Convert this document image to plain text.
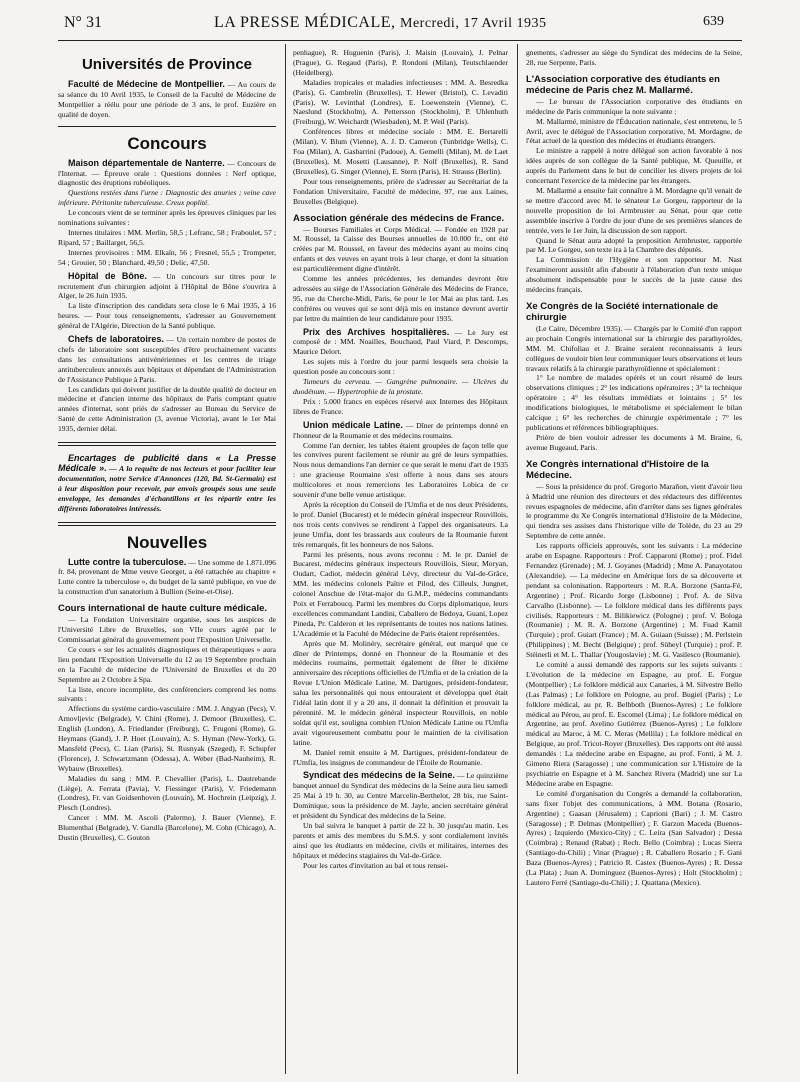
N° 31	LA PRESSE MÉDICALE, Mercredi, 17 Avril 1935	639
Universités de Province

Faculté de Médecine de Montpellier. — Au cours de sa séance du 10 Avril 1935, le Conseil de la Faculté de Médecine de Montpellier a réélu pour une période de 3 ans, le prof. Euzière en qualité de doyen.

Concours

Maison départementale de Nanterre. — Concours de l'Internat. — Épreuve orale : Questions données : Nerf optique, diagnostic des éruptions rubéoliques.

Questions restées dans l'urne : Diagnostic des anuries ; veine cave inférieure. Péritonite tuberculeuse. Creux poplité.

Le concours vient de se terminer après les épreuves cliniques par les nominations suivantes :

Internes titulaires : MM. Merlin, 58,5 ; Lefranc, 58 ; Fraboulet, 57 ; Ripard, 57 ; Baillarget, 56,5.

Internes provisoires : MM. Elkaïn, 56 ; Fresnel, 55,5 ; Trompeter, 54 ; Grouier, 50 ; Blanchard, 49,50 ; Delic, 47,50.

Hôpital de Bône. — Un concours sur titres pour le recrutement d'un chirurgien adjoint à l'Hôpital de Bône s'ouvrira à Alger, le 26 Juin 1935.

La liste d'inscription des candidats sera close le 6 Mai 1935, à 16 heures. — Pour tous renseignements, s'adresser au Gouvernement général de l'Algérie, Direction de la Santé publique.

Chefs de laboratoires. — Un certain nombre de postes de chefs de laboratoire sont susceptibles d'être prochainement vacants dans les consultations antivénériennes et les centres de triage antituberculeux annexés aux hôpitaux et dépendant de l'Administration de l'Assistance Publique à Paris.

Les candidats qui doivent justifier de la double qualité de docteur en médecine et d'ancien interne des hôpitaux de Paris comptant quatre années d'internat, sont priés de s'adresser au Bureau du Service de Santé de cette Administration (3, avenue Victoria), avant le 1er Mai 1935, dernier délai.

Encartages de publicité dans « La Presse Médicale ». — A la requête de nos lecteurs et pour faciliter leur documentation, notre Service d'Annonces (120, Bd. St-Germain) est à leur disposition pour recevoir, par envois groupés sous une seule enveloppe, les demandes d'échantillons et les répartir entre les différents laboratoires intéressés.

Nouvelles

Lutte contre la tuberculose. — Une somme de 1.871.096 fr. 84, provenant de Mme veuve Georget, a été rattachée au chapitre « Lutte contre la tuberculose », du budget de la santé publique, en vue de la construction d'un sanatorium à Bullion (Seine-et-Oise).

Cours international de haute culture médicale.

— La Fondation Universitaire organise, sous les auspices de l'Université Libre de Bruxelles, son VIIe cours agréé par le Commissariat général du gouvernement pour l'Exposition Universelle.

Ce cours « sur les actualités diagnostiques et thérapeutiques » aura lieu pendant l'Exposition Universelle du 12 au 19 Septembre prochain en la Faculté de médecine de l'Université de Bruxelles et du 20 Septembre au 2 Octobre à Spa.

La liste, encore incomplète, des conférenciers comprend les noms suivants :

Affections du système cardio-vasculaire : MM. J. Angyan (Pecs), V. Arnovljevic (Belgrade), V. Chini (Rome), J. Demoor (Bruxelles), C. English (London), A. Friedlander (Freiburg), C. Frugoni (Rome), G. Heymans (Gand), J. P. Hoet (Louvain), A. S. Hyman (New-York), G. Mansfeld (Pecs), C. Lian (Paris), St. Rusnyak (Szeged), F. Schupfer (Florence), J. Schwartzmann (Odessa), A. Weber (Bad-Nauheim), R. Wybauw (Bruxelles).

Maladies du sang : MM. P. Chevallier (Paris), L. Dautrebande (Liège), A. Ferrata (Pavia), V. Fiessinger (Paris), V. Friedemann (Londres), Fr. van Goidsenhoven (Louvain), M. Hochrein (Leipzig), J. Plesch (Londres).

Cancer : MM. M. Ascoli (Palermo), J. Bauer (Vienne), F. Blumenthal (Belgrade), V. Garulla (Barcelone), M. Cohn (Chicago), A. Dustin (Bruxelles), C. Gouton

penhague), R. Huguenin (Paris), J. Maisin (Louvain), J. Pelnar (Prague), G. Regaud (Paris), P. Rondoni (Milan), Teutschlaender (Heidelberg).

Maladies tropicales et maladies infectieuses : MM. A. Besredka (Paris), G. Cambrelin (Bruxelles), T. Hewer (Bristol), C. Levaditi (Paris), W. Levinthal (Londres), E. Loewenstein (Vienne), C. Naeslund (Stockholm), A. Pettersson (Stockholm), P. Uhlenhuth (Freiburg), W. Weichardt (Wiesbaden), M. P. Weil (Paris).

Conférences libres et médecine sociale : MM. E. Bertarelli (Milan), V. Blum (Vienne), A. J. D. Cameron (Tunbridge Wells), C. Foa (Milan), A. Gasbarrini (Padoue), A. Gemelli (Milan), M. de Laet (Bruxelles), M. Mosetti (Lausanne), P. Nolf (Bruxelles), R. Sand (Bruxelles), G. Singer (Vienne), E. Stern (Paris), H. Strauss (Berlin).

Pour tous renseignements, prière de s'adresser au Secrétariat de la Fondation Universitaire, Faculté de médecine, 97, rue aux Laines, Bruxelles (Belgique).

Association générale des médecins de France.

— Bourses Familiales et Corps Médical. — Fondée en 1928 par M. Roussel, la Caisse des Bourses annuelles de 10.000 fr., ont été créées par M. Roussel, en faveur des médecins ayant au moins cinq enfants et des veuves en ayant trois à leur charge, et dont la situation est particulièrement digne d'intérêt.

Comme les années précédentes, les demandes devront être adressées au siège de l'Association Générale des Médecins de France, 95, rue du Cherche-Midi, Paris, 6e pour le 1er Mai au plus tard. Les confrères ou veuves qui se sont déjà mis en instance devront avertir par lettre du maintien de leur candidature pour 1935.

Prix des Archives hospitalières. — Le Jury est composé de : MM. Noailles, Bouchaud, Paul Viard, P. Descomps, Maurice Delort.

Les sujets mis à l'ordre du jour parmi lesquels sera choisie la question posée au concours sont :

Tumeurs du cerveau. — Gangrène pulmonaire. — Ulcères du duodénum. — Hypertrophie de la prostate.

Prix : 5.000 francs en espèces réservé aux Internes des Hôpitaux libres de France.

Union médicale Latine. — Dîner de printemps donné en l'honneur de la Roumanie et des médecins roumains.

Comme l'an dernier, les tables étaient groupées de façon telle que les convives purent facilement se réunir au gré de leurs sympathies. Nous nous demandions l'an dernier ce que serait le menu d'art de 1935 : une gracieuse Roumaine s'est offerte à nous dans ses atours multicolores et nous remercions les Laboratoires Lobica de ce souvenir d'une belle venue artistique.

Après la réception du Conseil de l'Umfia et de nos deux Présidents, le prof. Daniel (Bucarest) et le médecin général inspecteur Rouvillois, nos trois cents convives se rendirent à l'appel des organisateurs. La jeune Umfia, dont les brassards aux couleurs de la Roumanie furent très remarqués, fit les honneurs de nos Salons.

Parmi les présents, nous avons reconnu : M. le pr. Daniel de Bucarest, médecins généraux inspecteurs Rouvillois, Sieur, Moryan, Oudart, Cadiot, médecin général Lévy, directeur du Val-de-Grâce, MM. les médecins colonels Païtre et Pilod, des Cilleuls, Jungnet, colonel Anschue de l'état-major du G.M.P., médecins commandants Poix et Ferraboucq. Parmi les membres du Corps diplomatique, leurs excellences commandant Landini, Caballero de Bedoya, Guani, Lopez Pineda, Pr. Calderon et les représentants de toutes nos nations latines. L'Académie et la Faculté de Médecine de Paris étaient représentées.

Après que M. Molinéry, secrétaire général, eut marqué que ce dîner de Printemps, donné en l'honneur de la Roumanie et des médecins roumains, permettait également de fêter le dixième anniversaire des réceptions officielles de l'Umfia et de la création de la Revue L'Union Médicale Latine, M. Dartigues, président-fondateur, salua les personnalités qui nous entouraient et développa quel était l'idéal latin dont il y a 20 ans, il donnait la définition et prouvait la pérennité. M. le médecin général inspecteur Rouvillois, en noble soldat qu'il est, souligna combien l'Union Médicale Latine ou l'Umfia avait vigoureusement combattu pour le maintien de la civilisation latine.

M. Daniel remit ensuite à M. Dartigues, président-fondateur de l'Umfia, les insignes de commandeur de l'Étoile de Roumanie.

Syndicat des médecins de la Seine. — Le quinzième banquet annuel du Syndicat des médecins de la Seine aura lieu samedi 25 Mai à 19 h. 30, au Centre Marcelin-Berthelot, 28 bis, rue Saint-Dominique, sous la présidence de M. Jayle, ancien secrétaire général et président du Syndicat des médecins de la Seine.

Un bal suivra le banquet à partir de 22 h. 30 jusqu'au matin. Les parents et amis des membres du S.M.S. y sont cordialement invités ainsi que les étudiants en médecine, civils et militaires, internes des hôpitaux et médecins stagiaires du Val-de-Grâce.

Pour les cartes d'invitation au bal et tous rensei-

gnements, s'adresser au siège du Syndicat des médecins de la Seine, 28, rue Serpente, Paris.

L'Association corporative des étudiants en médecine de Paris chez M. Mallarmé.

— Le bureau de l'Association corporative des étudiants en médecine de Paris communique la note suivante :

M. Mallarmé, ministre de l'Éducation nationale, s'est entretenu, le 5 Avril, avec le délégué de l'Association corporative, M. Mordagne, de l'état actuel de la question des médecins et étudiants étrangers.

Le ministre a rappelé à notre délégué son action favorable à nos idées auprès de son collègue de la Santé publique, M. Queuille, et auprès du Parlement dans le but de concilier les divers projets de loi concernant l'exercice de la médecine par les étrangers.

M. Mallarmé a ensuite fait connaître à M. Mordagne qu'il venait de se mettre d'accord avec M. le sénateur Le Gorgeu, rapporteur de la nouvelle proposition de loi Armbruster au Sénat, pour que cette assemblée inscrive à l'ordre du jour d'une de ses premières séances de rentrée, vers le 1er Juin, la discussion de son rapport.

Quand le Sénat aura adopté la proposition Armbruster, rapportée par M. Le Gorgeu, son texte ira à la Chambre des députés.

La Commission de l'Hygiène et son rapporteur M. Nast l'examineront aussitôt afin d'aboutir à l'élaboration d'un texte unique absolument indispensable pour le succès de la juste cause des médecins français.

Xe Congrès de la Société internationale de chirurgie

(Le Caire, Décembre 1935). — Chargés par le Comité d'un rapport au prochain Congrès international sur la chirurgie des parathyroïdes, MM. M. Chifoliau et J. Braine seraient reconnaissants à leurs collègues de vouloir bien leur communiquer leurs observations et leurs travaux relatifs à la chirurgie parathyroïdienne et spécialement :

1° Le nombre de malades opérés et un court résumé de leurs observations cliniques ; 2° les indications opératoires ; 3° la technique opératoire ; 4° les résultats immédiats et lointains ; 5° les modifications biologiques, le métabolisme et spécialement le bilan calcique ; 6° les recherches de chirurgie expérimentale ; 7° les publications et références bibliographiques.

Prière de bien vouloir adresser les documents à M. Braine, 6, avenue Bugeaud, Paris.

Xe Congrès international d'Histoire de la Médecine.

— Sous la présidence du prof. Gregorio Marañon, vient d'avoir lieu à Madrid une réunion des directeurs et des rédacteurs des différentes revues espagnoles de médecine, afin d'arrêter dans ses lignes générales le programme du Xe Congrès international d'Histoire de la Médecine, qui tiendra ses assises dans l'historique ville de Tolède, du 23 au 29 Septembre de cette année.

Les rapports officiels approuvés, sont les suivants : La médecine arabe en Espagne. Rapporteurs : Prof. Capparoni (Rome) ; prof. Fidel Fernandez (Grenade) ; M. J. Goyanes (Madrid) ; Mme A. Panayotatou (Alexandrie). — La médecine en Amérique lors de sa découverte et pendant sa colonisation. Rapporteurs : M. R.A. Borzone (Santa-Fé, Argentine) ; Prof. Ricardo Jorge (Lisbonne) ; Prof. A. de Silva Carvalho (Lisbonne). — Le folklore médical dans les différents pays civilisés. Rapporteurs : M. Bilikiewicz (Pologne) ; prof. V. Bologa (Roumanie) ; M. R. A. Borzone (Argentine) ; M. Fuad Kamil (Turquie) ; prof. Guiart (France) ; M. A. Guiaan (Suisse) ; M. Perlstein (Philippines) ; M. Becht (Belgique) ; prof. Süheyl (Turquie) ; prof. P. Stéinerli et M. L. Thallar (Yougoslavie) ; M. G. Vasilesco (Roumanie).

Le comité a aussi demandé des rapports sur les sujets suivants : L'évolution de la médecine en Espagne, au prof. E. Forgue (Montpellier) ; Le folklore médical aux Canaries, à M. Silvestre Bello (Las Palmas) ; Le folklore en Pologne, au prof. Bugiel (Paris) ; Le folklore médical, au pr. R. Belbboth (Buenos-Ayres) ; Le folklore médical au Pérou, au prof. E. Escomel (Lima) ; Le folklore médical en Argentine, au prof. Avelino Gutiérrez (Buenos-Ayres) ; Le folklore médical au Maroc, à M. C. Meras (Mellila) ; Le folklore médical en Belgique, au prof. Tricot-Royer (Bruxelles). Des rapports ont été aussi demandés : La médecine arabe en Espagne, au prof. Fonti, à M. J. Gimeno Riera (Saragosse) ; une communication sur L'Histoire de la psychiatrie en Espagne et à M. Sanchez Rivera (Madrid) une sur La Médecine arabe en Espagne.

Le comité d'organisation du Congrès a demandé la collaboration, sans fixer l'objet des communications, à MM. Botana (Rosario, Argentine) ; Gaasan (Jérusalem) ; Caprioni (Bari) ; J. M. Castro (Saragosse) ; P. Delmas (Montpellier) ; F. Garzon Maceda (Buenos-Ayres) ; Izquierdo (Mexico-City) ; C. Leira (San Salvador) ; Dessa (Coimbra) ; Renaud (Rabat) ; Rech. Bello (Coimbra) ; Lucas Sierra (Santiago-du-Chili) ; Vinar (Prague) ; R. Caballero Rosario ; F. Gani Baza (Buenos-Ayres) ; Patricio R. Castex (Buenos-Ayres) ; R. Dessa (La Plata) ; Juan A. Dominguez (Buenos-Ayres) ; Holt (Stockholm) ; Lautero Ferré (Santiago-du-Chili) ; J. Quattana (Mexico).
